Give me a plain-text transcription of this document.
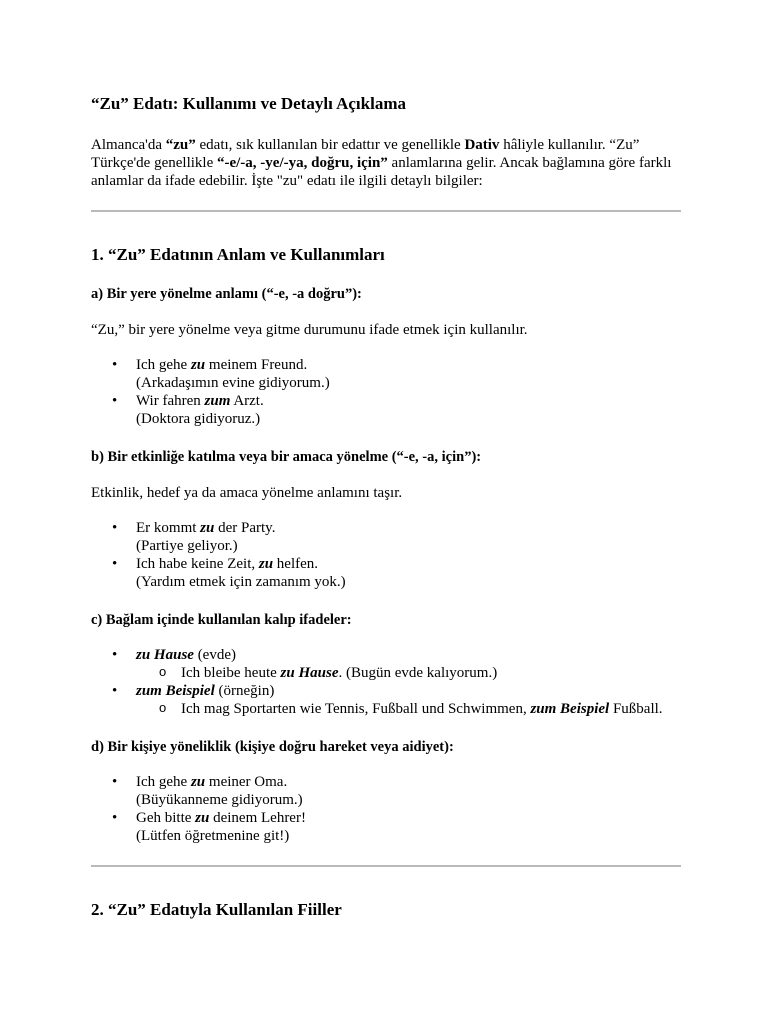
“Zu” Edatı: Kullanımı ve Detaylı Açıklama

Almanca'da “zu” edatı, sık kullanılan bir edattır ve genellikle Dativ hâliyle kullanılır. “Zu” Türkçe'de genellikle “-e/-a, -ye/-ya, doğru, için” anlamlarına gelir. Ancak bağlamına göre farklı anlamlar da ifade edebilir. İşte "zu" edatı ile ilgili detaylı bilgiler:

1. “Zu” Edatının Anlam ve Kullanımları
a) Bir yere yönelme anlamı (“-e, -a doğru”):

“Zu,” bir yere yönelme veya gitme durumunu ifade etmek için kullanılır.

• Ich gehe zu meinem Freund.
(Arkadaşımın evine gidiyorum.)
• Wir fahren zum Arzt.
(Doktora gidiyoruz.)
b) Bir etkinliğe katılma veya bir amaca yönelme (“-e, -a, için”):

Etkinlik, hedef ya da amaca yönelme anlamını taşır.

• Er kommt zu der Party.
(Partiye geliyor.)
• Ich habe keine Zeit, zu helfen.
(Yardım etmek için zamanım yok.)
c) Bağlam içinde kullanılan kalıp ifadeler:
• zu Hause (evde)
o Ich bleibe heute zu Hause. (Bugün evde kalıyorum.)
• zum Beispiel (örneğin)
o Ich mag Sportarten wie Tennis, Fußball und Schwimmen, zum Beispiel Fußball.
d) Bir kişiye yöneliklik (kişiye doğru hareket veya aidiyet):
• Ich gehe zu meiner Oma.
(Büyükanneme gidiyorum.)
• Geh bitte zu deinem Lehrer!
(Lütfen öğretmenine git!)
2. “Zu” Edatıyla Kullanılan Fiiller
